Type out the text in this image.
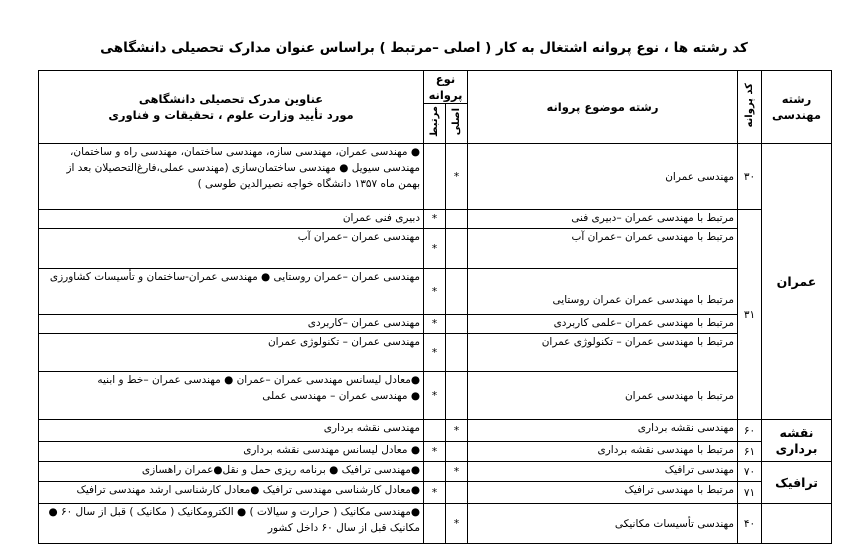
کد رشته ها ، نوع پروانه اشتغال به کار ( اصلی –مرتبط ) براساس عنوان مدارک تحصیلی دانشگاهی
رشته مهندسی	کد پروانه	رشته موضوع پروانه	نوع پروانه		عناوین مدرک تحصیلی دانشگاهی
مورد تأیید وزارت علوم ، تحقیقات و فناوری

			اصلی	مرتبط	
عمران	۳۰	مهندسی عمران	*		● مهندسی عمران، مهندسی سازه، مهندسی ساختمان، مهندسی راه و ساختمان، مهندسی سیویل ● مهندسی ساختمان‌سازی (مهندسی عملی،فارغ‌التحصیلان بعد از بهمن ماه ۱۳۵۷ دانشگاه خواجه نصیرالدین طوسی )
	۳۱	مرتبط با مهندسی عمران –دبیری فنی		*	دبیری فنی عمران
		مرتبط با مهندسی عمران –عمران آب		*	مهندسی عمران –عمران آب
		مرتبط با مهندسی عمران عمران روستایی		*	مهندسی عمران –عمران روستایی ● مهندسی عمران-ساختمان و تأسیسات کشاورزی
		مرتبط با مهندسی عمران –علمی کاربردی		*	مهندسی عمران –کاربردی
		مرتبط با مهندسی عمران – تکنولوژی عمران		*	مهندسی عمران – تکنولوژی عمران
		مرتبط با مهندسی عمران		*	●معادل لیسانس مهندسی عمران –عمران ● مهندسی عمران –خط و ابنیه
● مهندسی عمران – مهندسی عملی

نقشه برداری	۶۰	مهندسی نقشه برداری	*		مهندسی نقشه برداری
	۶۱	مرتبط با مهندسی نقشه برداری		*	● معادل لیسانس مهندسی نقشه برداری
ترافیک	۷۰	مهندسی ترافیک	*		●مهندسی ترافیک ● برنامه ریزی حمل و نقل●عمران راهسازی
	۷۱	مرتبط با مهندسی ترافیک		*	●معادل کارشناسی مهندسی ترافیک ●معادل کارشناسی ارشد مهندسی ترافیک
	۴۰	مهندسی تأسیسات مکانیکی	*		●مهندسی مکانیک ( حرارت و سیالات ) ● الکترومکانیک ( مکانیک ) قبل از سال ۶۰ ● مکانیک قبل از سال ۶۰ داخل کشور
